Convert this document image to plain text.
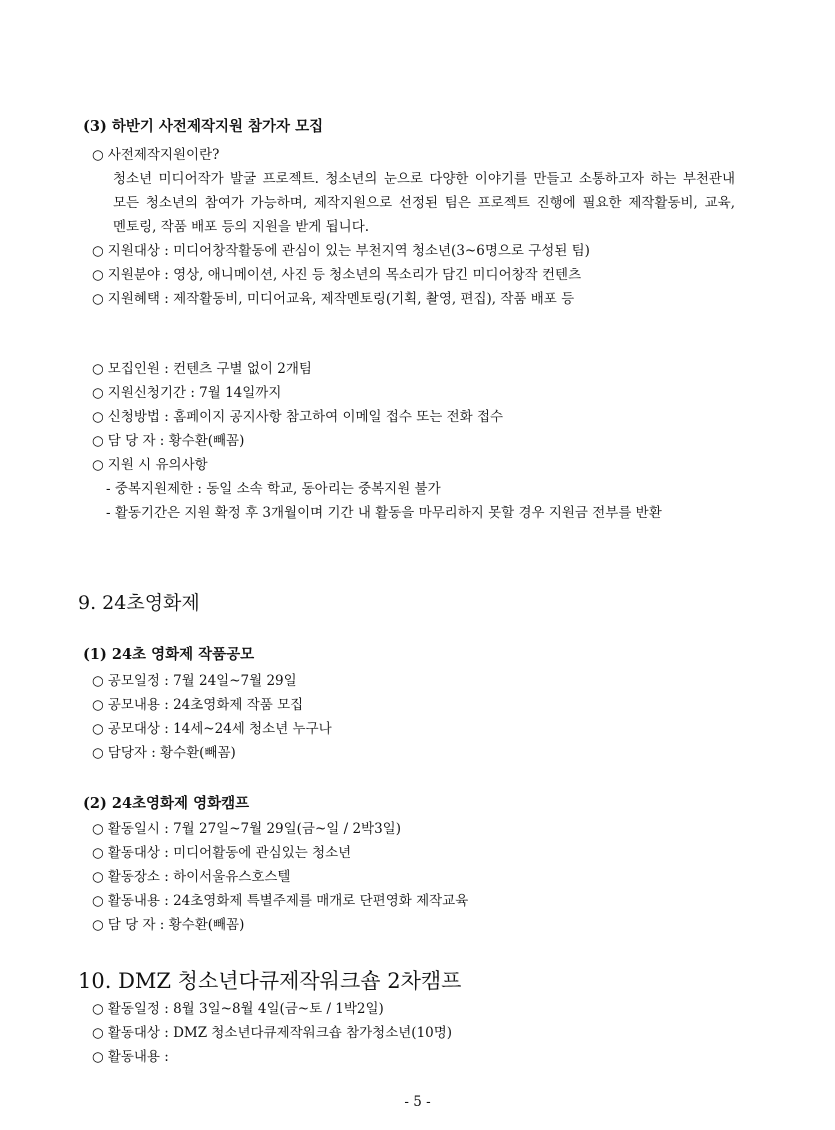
(3) 하반기 사전제작지원 참가자 모집
○ 사전제작지원이란?
청소년 미디어작가 발굴 프로젝트. 청소년의 눈으로 다양한 이야기를 만들고 소통하고자 하는 부천관내
모든 청소년의 참여가 가능하며, 제작지원으로 선정된 팀은 프로젝트 진행에 필요한 제작활동비, 교육,
멘토링, 작품 배포 등의 지원을 받게 됩니다.
○ 지원대상 : 미디어창작활동에 관심이 있는 부천지역 청소년(3~6명으로 구성된 팀)
○ 지원분야 : 영상, 애니메이션, 사진 등 청소년의 목소리가 담긴 미디어창작 컨텐츠
○ 지원혜택 : 제작활동비, 미디어교육, 제작멘토링(기획, 촬영, 편집), 작품 배포 등
○ 모집인원 : 컨텐츠 구별 없이 2개팀
○ 지원신청기간 : 7월 14일까지
○ 신청방법 : 홈페이지 공지사항 참고하여 이메일 접수 또는 전화 접수
○ 담 당 자 : 황수환(빼꼼)
○ 지원 시 유의사항
- 중복지원제한 : 동일 소속 학교, 동아리는 중복지원 불가
- 활동기간은 지원 확정 후 3개월이며 기간 내 활동을 마무리하지 못할 경우 지원금 전부를 반환
9. 24초영화제
(1) 24초 영화제 작품공모
○ 공모일정 : 7월 24일~7월 29일
○ 공모내용 : 24초영화제 작품 모집
○ 공모대상 : 14세~24세 청소년 누구나
○ 담당자 : 황수환(빼꼼)
(2) 24초영화제 영화캠프
○ 활동일시 : 7월 27일~7월 29일(금~일 / 2박3일)
○ 활동대상 : 미디어활동에 관심있는 청소년
○ 활동장소 : 하이서울유스호스텔
○ 활동내용 : 24초영화제 특별주제를 매개로 단편영화 제작교육
○ 담 당 자 : 황수환(빼꼼)
10. DMZ 청소년다큐제작워크숍 2차캠프
○ 활동일정 : 8월 3일~8월 4일(금~토 / 1박2일)
○ 활동대상 : DMZ 청소년다큐제작워크숍 참가청소년(10명)
○ 활동내용 :
- 5 -
